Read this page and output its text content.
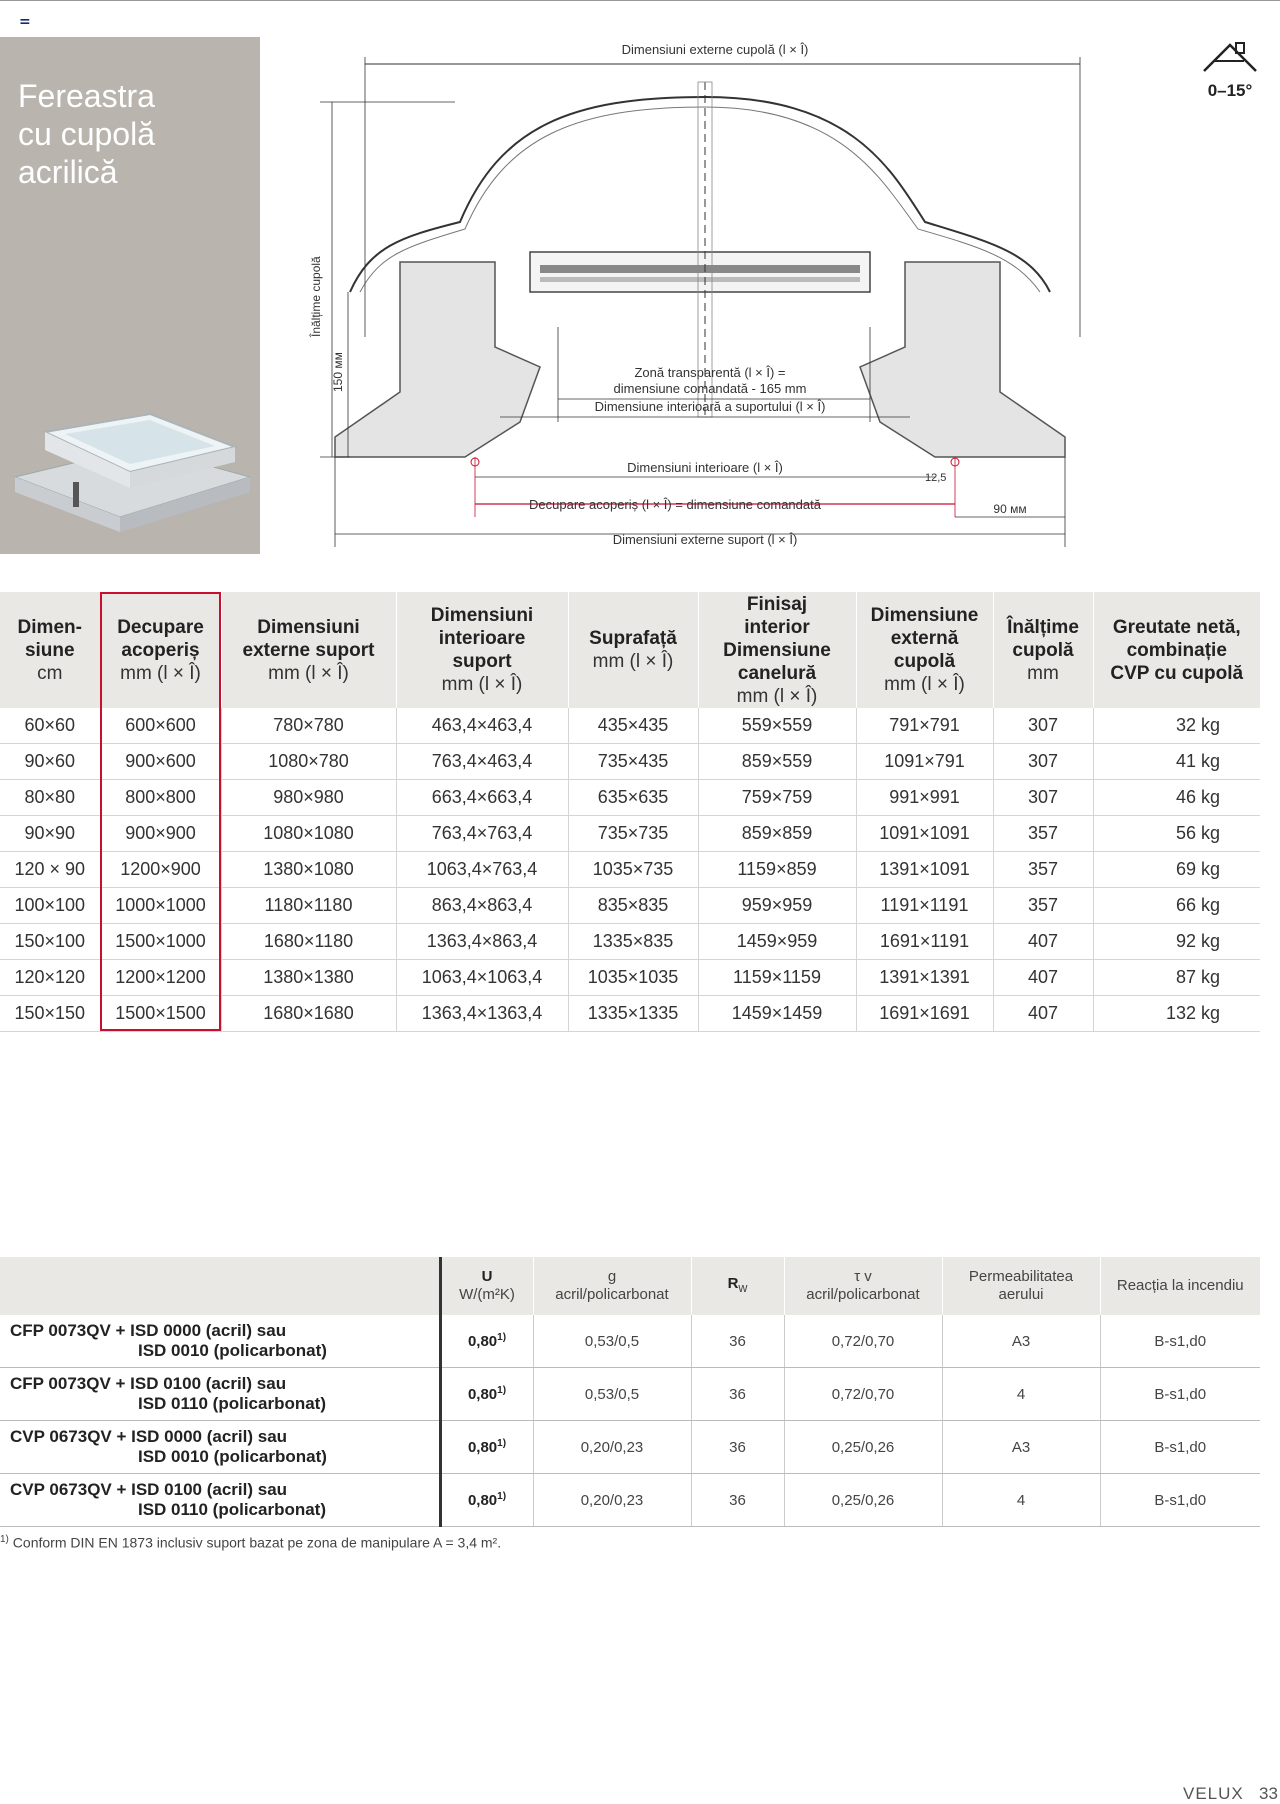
=
Fereastra
cu cupolă
acrilică
Dimensiuni externe cupolă (l × Î)
Înălțime cupolă
150 мм	Zonă transparentă (l × Î) =
dimensiune comandată - 165 mm
Dimensiune interioară a suportului (l × Î)
Dimensiuni interioare (l × Î)
12,5
Decupare acoperiș (l × Î) = dimensiune comandată	90 мм
Dimensiuni externe suport (l × Î)
0–15°
Dimen-
siune
cm	Decupare
acoperiș
mm (l × Î)	Dimensiuni
externe suport
mm (l × Î)	Dimensiuni
interioare
suport
mm (l × Î)	Suprafață
mm (l × Î)	Finisaj
interior
Dimensiune
canelură
mm (l × Î)	Dimensiune
externă
cupolă
mm (l × Î)	Înălțime
cupolă
mm	Greutate netă,
combinație
CVP cu cupolă

60×60	600×600	780×780	463,4×463,4	435×435	559×559	791×791	307	32 kg
90×60	900×600	1080×780	763,4×463,4	735×435	859×559	1091×791	307	41 kg
80×80	800×800	980×980	663,4×663,4	635×635	759×759	991×991	307	46 kg
90×90	900×900	1080×1080	763,4×763,4	735×735	859×859	1091×1091	357	56 kg
120 × 90	1200×900	1380×1080	1063,4×763,4	1035×735	1159×859	1391×1091	357	69 kg
100×100	1000×1000	1180×1180	863,4×863,4	835×835	959×959	1191×1191	357	66 kg
150×100	1500×1000	1680×1180	1363,4×863,4	1335×835	1459×959	1691×1191	407	92 kg
120×120	1200×1200	1380×1380	1063,4×1063,4	1035×1035	1159×1159	1391×1391	407	87 kg
150×150	1500×1500	1680×1680	1363,4×1363,4	1335×1335	1459×1459	1691×1691	407	132 kg

	U
W/(m²K)	g
acril/policarbonat	$R_w$	τ v
acril/policarbonat	Permeabilitatea
aerului	Reacția la incendiu

CFP 0073QV + ISD 0000 (acril) sau
ISD 0010 (policarbonat)	0,80$^{1)}$	0,53/0,5	36	0,72/0,70	A3	B-s1,d0

CFP 0073QV + ISD 0100 (acril) sau
ISD 0110 (policarbonat)	0,80$^{1)}$	0,53/0,5	36	0,72/0,70	4	B-s1,d0

CVP 0673QV + ISD 0000 (acril) sau
ISD 0010 (policarbonat)	0,80$^{1)}$	0,20/0,23	36	0,25/0,26	A3	B-s1,d0

CVP 0673QV + ISD 0100 (acril) sau
ISD 0110 (policarbonat)	0,80$^{1)}$	0,20/0,23	36	0,25/0,26	4	B-s1,d0
$^{1)}$ Conform DIN EN 1873 inclusiv suport bazat pe zona de manipulare A = 3,4 m².
VELUX 33
